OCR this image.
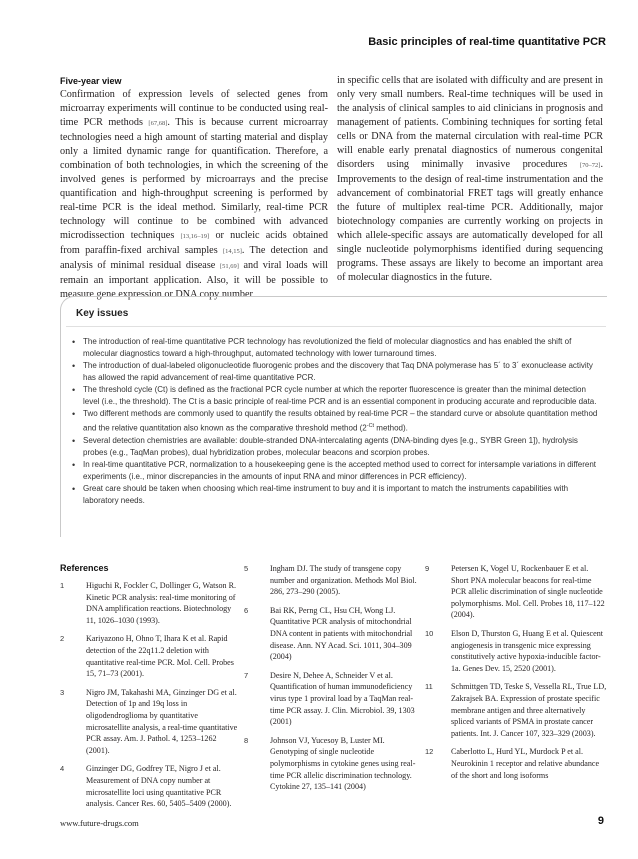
Basic principles of real-time quantitative PCR
Five-year view

Confirmation of expression levels of selected genes from microarray experiments will continue to be conducted using real-time PCR methods [67,68]. This is because current microarray technologies need a high amount of starting material and display only a limited dynamic range for quantification. Therefore, a combination of both technologies, in which the screening of the involved genes is performed by microarrays and the precise quantification and high-throughput screening is performed by real-time PCR is the ideal method. Similarly, real-time PCR technology will continue to be combined with advanced microdissection techniques [13,16–19] or nucleic acids obtained from paraffin-fixed archival samples [14,15]. The detection and analysis of minimal residual disease [51,69] and viral loads will remain an important application. Also, it will be possible to measure gene expression or DNA copy number

in specific cells that are isolated with difficulty and are present in only very small numbers. Real-time techniques will be used in the analysis of clinical samples to aid clinicians in prognosis and management of patients. Combining techniques for sorting fetal cells or DNA from the maternal circulation with real-time PCR will enable early prenatal diagnostics of numerous congenital disorders using minimally invasive procedures [70–72]. Improvements to the design of real-time instrumentation and the advancement of combinatorial FRET tags will greatly enhance the future of multiplex real-time PCR. Additionally, major biotechnology companies are currently working on projects in which allele-specific assays are automatically developed for all single nucleotide polymorphisms identified during sequencing programs. These assays are likely to become an important area of molecular diagnostics in the future.

Key issues
• The introduction of real-time quantitative PCR technology has revolutionized the field of molecular diagnostics and has enabled the shift of molecular diagnostics toward a high-throughput, automated technology with lower turnaround times.
• The introduction of dual-labeled oligonucleotide fluorogenic probes and the discovery that Taq DNA polymerase has 5´ to 3´ exonuclease activity has allowed the rapid advancement of real-time quantitative PCR.
• The threshold cycle (Ct) is defined as the fractional PCR cycle number at which the reporter fluorescence is greater than the minimal detection level (i.e., the threshold). The Ct is a basic principle of real-time PCR and is an essential component in producing accurate and reproducible data.
• Two different methods are commonly used to quantify the results obtained by real-time PCR – the standard curve or absolute quantitation method and the relative quantitation also known as the comparative threshold method ($2^{-Ct}$ method).
• Several detection chemistries are available: double-stranded DNA-intercalating agents (DNA-binding dyes [e.g., SYBR Green 1]), hydrolysis probes (e.g., TaqMan probes), dual hybridization probes, molecular beacons and scorpion probes.
• In real-time quantitative PCR, normalization to a housekeeping gene is the accepted method used to correct for intersample variations in different experiments (i.e., minor discrepancies in the amounts of input RNA and minor differences in PCR efficiency).
• Great care should be taken when choosing which real-time instrument to buy and it is important to match the instruments capabilities with laboratory needs.
References
1	Higuchi R, Fockler C, Dollinger G, Watson R. Kinetic PCR analysis: real-time monitoring of DNA amplification reactions. Biotechnology 11, 1026–1030 (1993).
2	Kariyazono H, Ohno T, Ihara K et al. Rapid detection of the 22q11.2 deletion with quantitative real-time PCR. Mol. Cell. Probes 15, 71–73 (2001).
3	Nigro JM, Takahashi MA, Ginzinger DG et al. Detection of 1p and 19q loss in oligodendroglioma by quantitative microsatellite analysis, a real-time quantitative PCR assay. Am. J. Pathol. 4, 1253–1262 (2001).
4	Ginzinger DG, Godfrey TE, Nigro J et al. Measurement of DNA copy number at microsatellite loci using quantitative PCR analysis. Cancer Res. 60, 5405–5409 (2000).
5	Ingham DJ. The study of transgene copy number and organization. Methods Mol Biol. 286, 273–290 (2005).
6	Bai RK, Perng CL, Hsu CH, Wong LJ. Quantitative PCR analysis of mitochondrial DNA content in patients with mitochondrial disease. Ann. NY Acad. Sci. 1011, 304–309 (2004)
7	Desire N, Dehee A, Schneider V et al. Quantification of human immunodeficiency virus type 1 proviral load by a TaqMan real-time PCR assay. J. Clin. Microbiol. 39, 1303 (2001)
8	Johnson VJ, Yucesoy B, Luster MI. Genotyping of single nucleotide polymorphisms in cytokine genes using real-time PCR allelic discrimination technology. Cytokine 27, 135–141 (2004)
9	Petersen K, Vogel U, Rockenbauer E et al. Short PNA molecular beacons for real-time PCR allelic discrimination of single nucleotide polymorphisms. Mol. Cell. Probes 18, 117–122 (2004).
10 Elson D, Thurston G, Huang E et al. Quiescent angiogenesis in transgenic mice expressing constitutively active hypoxia-inducible factor-1a. Genes Dev. 15, 2520 (2001).
11 Schmittgen TD, Teske S, Vessella RL, True LD, Zakrajsek BA. Expression of prostate specific membrane antigen and three alternatively spliced variants of PSMA in prostate cancer patients. Int. J. Cancer 107, 323–329 (2003).
12 Caberlotto L, Hurd YL, Murdock P et al. Neurokinin 1 receptor and relative abundance of the short and long isoforms
www.future-drugs.com	9
